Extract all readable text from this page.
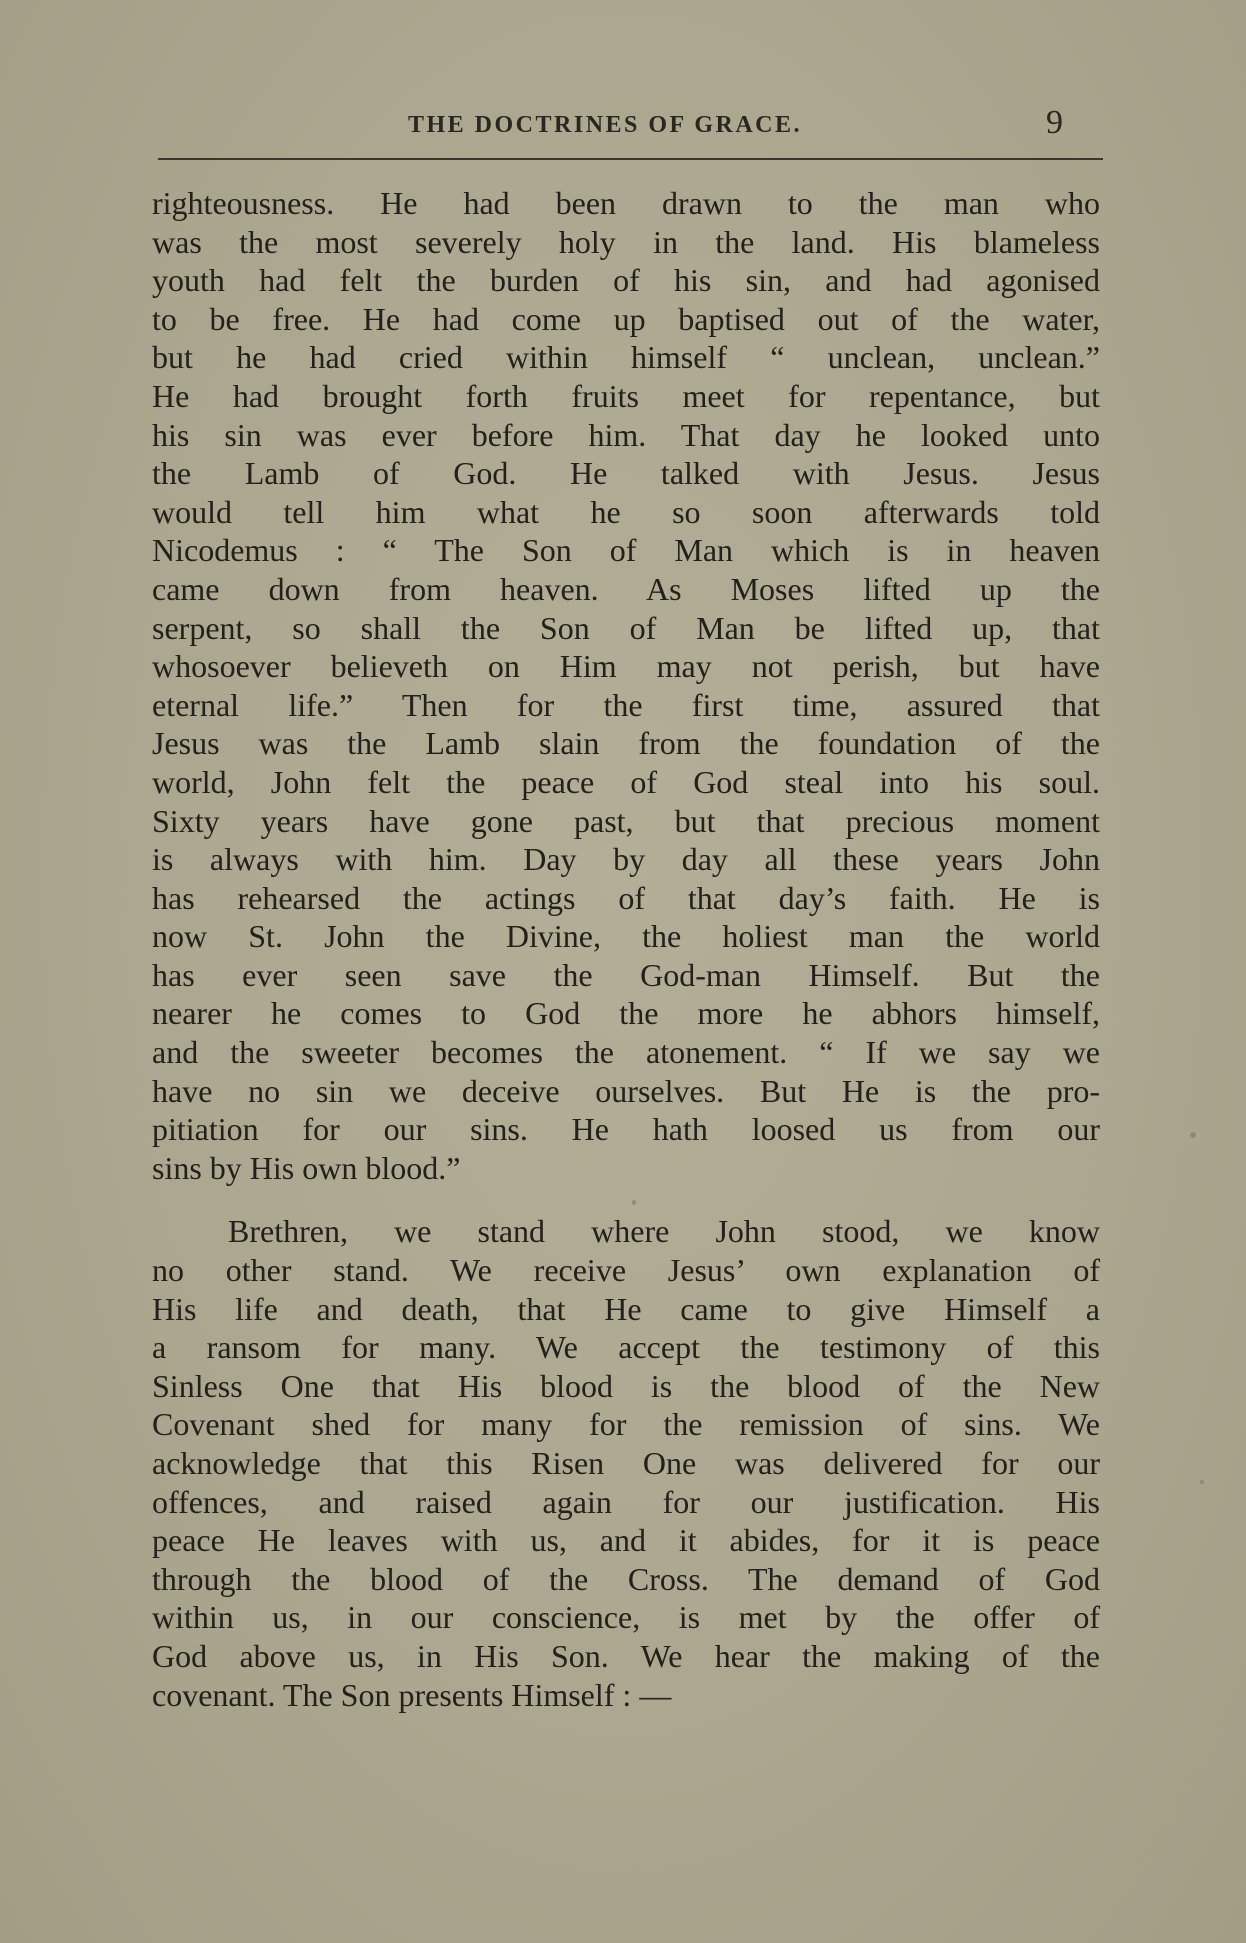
THE DOCTRINES OF GRACE.	9
righteousness. He had been drawn to the man who
was the most severely holy in the land. His blameless
youth had felt the burden of his sin, and had agonised
to be free. He had come up baptised out of the water,
but he had cried within himself “ unclean, unclean.”
He had brought forth fruits meet for repentance, but
his sin was ever before him. That day he looked unto
the Lamb of God. He talked with Jesus. Jesus
would tell him what he so soon afterwards told
Nicodemus : “ The Son of Man which is in heaven
came down from heaven. As Moses lifted up the
serpent, so shall the Son of Man be lifted up, that
whosoever believeth on Him may not perish, but have
eternal life.” Then for the first time, assured that
Jesus was the Lamb slain from the foundation of the
world, John felt the peace of God steal into his soul.
Sixty years have gone past, but that precious moment
is always with him. Day by day all these years John
has rehearsed the actings of that day’s faith. He is
now St. John the Divine, the holiest man the world
has ever seen save the God-man Himself. But the
nearer he comes to God the more he abhors himself,
and the sweeter becomes the atonement. “ If we say we
have no sin we deceive ourselves. But He is the pro-
pitiation for our sins. He hath loosed us from our
sins by His own blood.”
Brethren, we stand where John stood, we know
no other stand. We receive Jesus’ own explanation of
His life and death, that He came to give Himself a
a ransom for many. We accept the testimony of this
Sinless One that His blood is the blood of the New
Covenant shed for many for the remission of sins. We
acknowledge that this Risen One was delivered for our
offences, and raised again for our justification. His
peace He leaves with us, and it abides, for it is peace
through the blood of the Cross. The demand of God
within us, in our conscience, is met by the offer of
God above us, in His Son. We hear the making of the
covenant. The Son presents Himself : —
